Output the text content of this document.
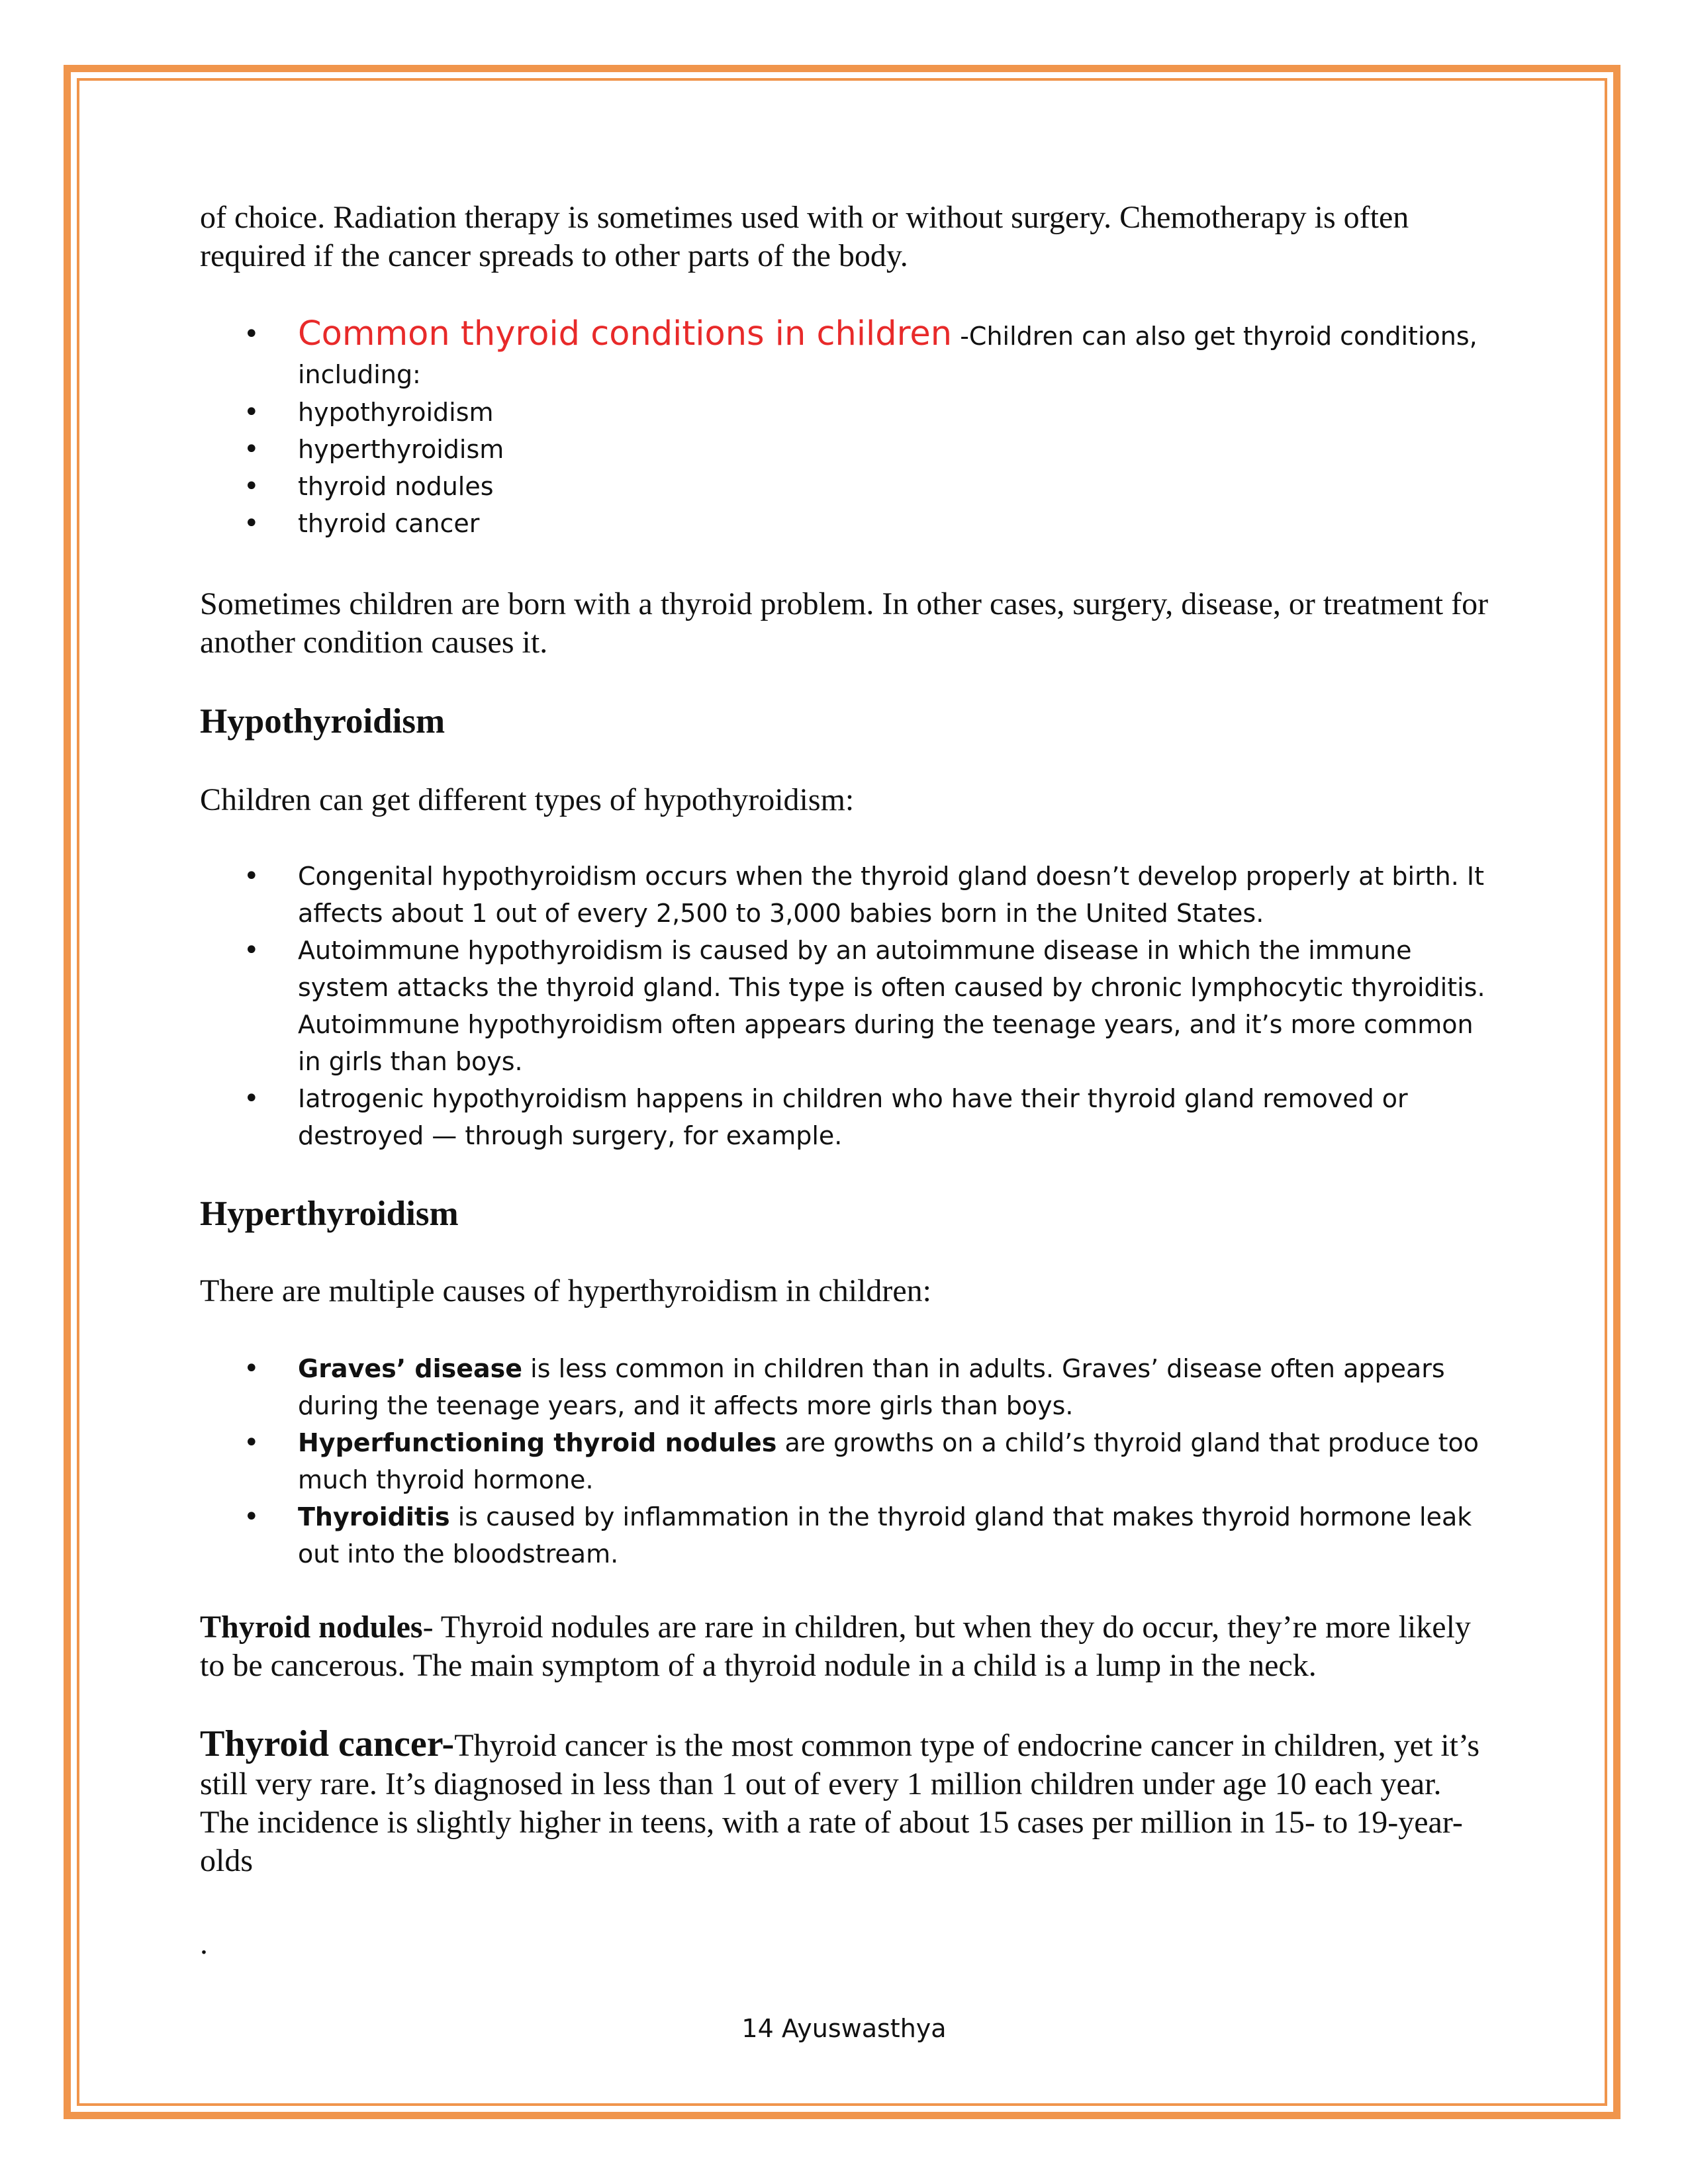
of choice. Radiation therapy is sometimes used with or without surgery. Chemotherapy is often required if the cancer spreads to other parts of the body.

• Common thyroid conditions in children -Children can also get thyroid conditions, including:
• hypothyroidism
• hyperthyroidism
• thyroid nodules
• thyroid cancer

Sometimes children are born with a thyroid problem. In other cases, surgery, disease, or treatment for another condition causes it.

Hypothyroidism

Children can get different types of hypothyroidism:

• Congenital hypothyroidism occurs when the thyroid gland doesn’t develop properly at birth. It affects about 1 out of every 2,500 to 3,000 babies born in the United States.
• Autoimmune hypothyroidism is caused by an autoimmune disease in which the immune system attacks the thyroid gland. This type is often caused by chronic lymphocytic thyroiditis. Autoimmune hypothyroidism often appears during the teenage years, and it’s more common in girls than boys.
• Iatrogenic hypothyroidism happens in children who have their thyroid gland removed or destroyed — through surgery, for example.
Hyperthyroidism

There are multiple causes of hyperthyroidism in children:

• Graves’ disease is less common in children than in adults. Graves’ disease often appears during the teenage years, and it affects more girls than boys.
• Hyperfunctioning thyroid nodules are growths on a child’s thyroid gland that produce too much thyroid hormone.
• Thyroiditis is caused by inflammation in the thyroid gland that makes thyroid hormone leak out into the bloodstream.

Thyroid nodules- Thyroid nodules are rare in children, but when they do occur, they’re more likely to be cancerous. The main symptom of a thyroid nodule in a child is a lump in the neck.

Thyroid cancer-Thyroid cancer is the most common type of endocrine cancer in children, yet it’s still very rare. It’s diagnosed in less than 1 out of every 1 million children under age 10 each year. The incidence is slightly higher in teens, with a rate of about 15 cases per million in 15- to 19-year-olds

.

14 Ayuswasthya
